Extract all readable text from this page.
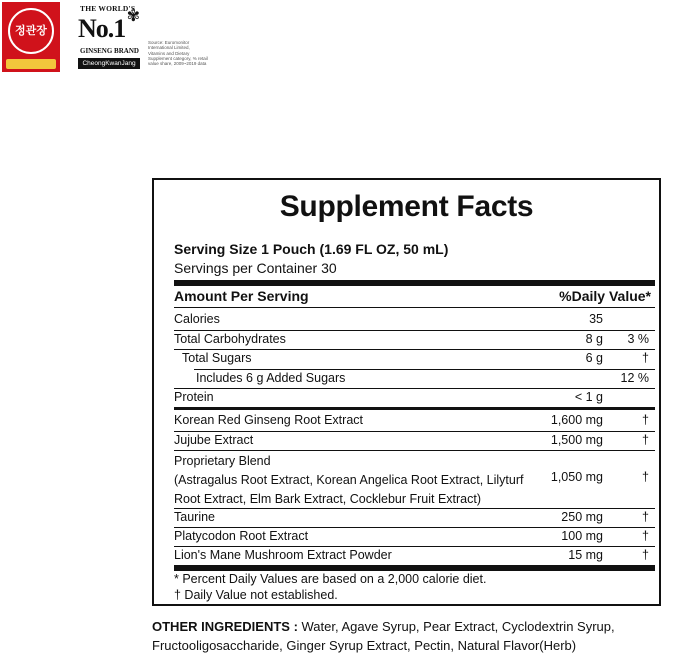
정관장
THE WORLD'S
No.1 ✾
GINSENG BRAND
CheongKwanJang
Source: Euromonitor International Limited, Vitamins and Dietary Supplement category, % retail value share, 2009~2019 data
Supplement Facts
Serving Size 1 Pouch (1.69 FL OZ, 50 mL)
Servings per Container 30
Amount Per Serving	%Daily Value*
Calories	35
Total Carbohydrates	8 g 3 %
Total Sugars	6 g	†
Includes 6 g Added Sugars	12 %
Protein	< 1 g
Korean Red Ginseng Root Extract	1,600 mg	†
Jujube Extract	1,500 mg	†
Proprietary Blend
(Astragalus Root Extract, Korean Angelica Root Extract, Lilyturf
Root Extract, Elm Bark Extract, Cocklebur Fruit Extract)
1,050 mg	†
Taurine	250 mg	†
Platycodon Root Extract	100 mg	†
Lion's Mane Mushroom Extract Powder	15 mg	†
* Percent Daily Values are based on a 2,000 calorie diet.
† Daily Value not established.
OTHER INGREDIENTS : Water, Agave Syrup, Pear Extract, Cyclodextrin Syrup, Fructooligosaccharide, Ginger Syrup Extract, Pectin, Natural Flavor(Herb)
